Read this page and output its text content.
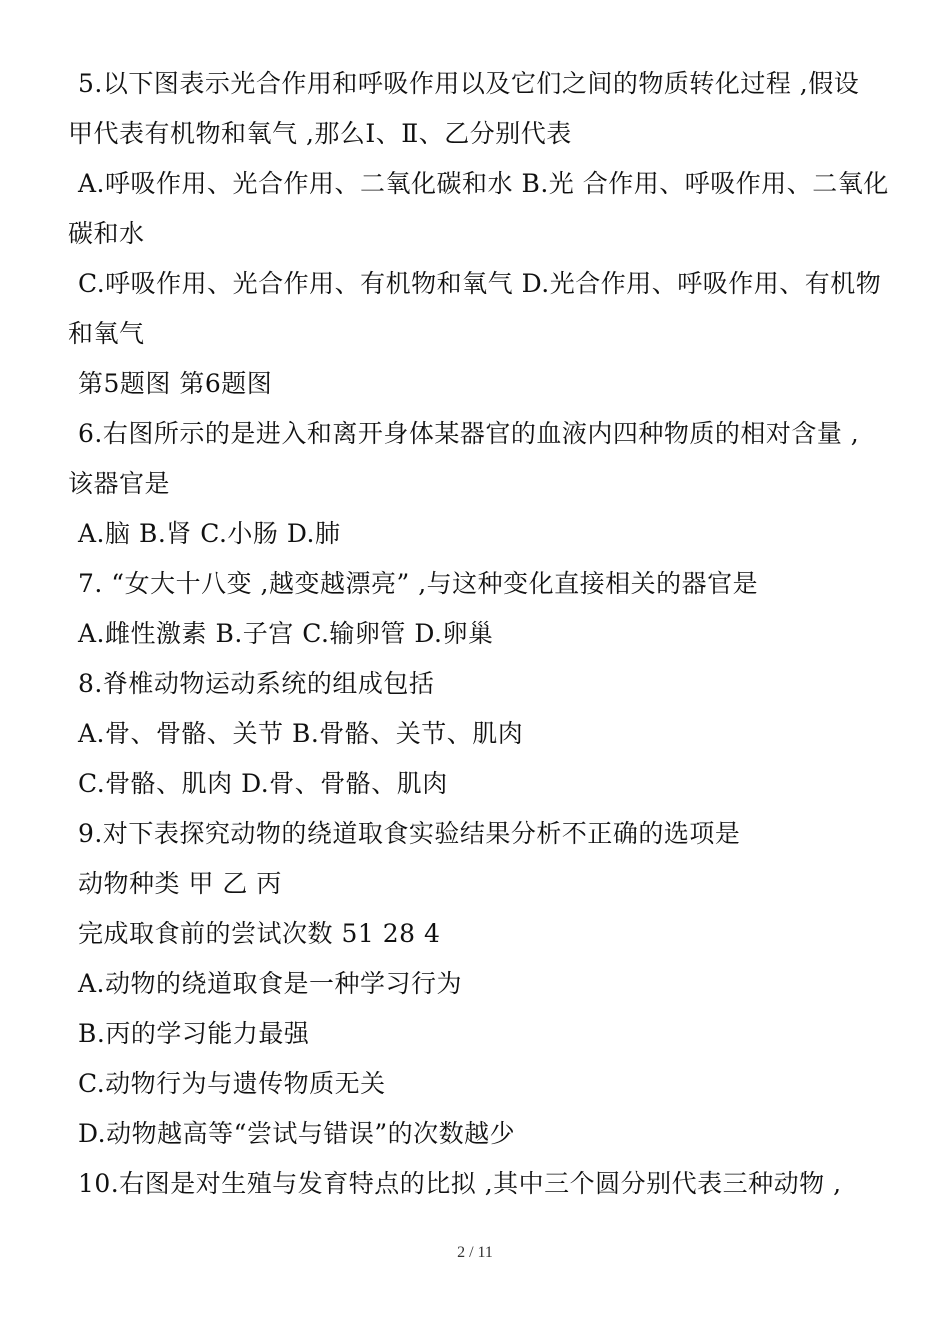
5.以下图表示光合作用和呼吸作用以及它们之间的物质转化过程 ,假设
甲代表有机物和氧气 ,那么Ⅰ、Ⅱ、乙分别代表
A.呼吸作用、光合作用、二氧化碳和水 B.光 合作用、呼吸作用、二氧化
碳和水
C.呼吸作用、光合作用、有机物和氧气 D.光合作用、呼吸作用、有机物
和氧气
第5题图 第6题图
6.右图所示的是进入和离开身体某器官的血液内四种物质的相对含量 ,
该器官是
A.脑 B.肾 C.小肠 D.肺
7. “女大十八变 ,越变越漂亮” ,与这种变化直接相关的器官是
A.雌性激素 B.子宫 C.输卵管 D.卵巢
8.脊椎动物运动系统的组成包括
A.骨、骨骼、关节 B.骨骼、关节、肌肉
C.骨骼、肌肉 D.骨、骨骼、肌肉
9.对下表探究动物的绕道取食实验结果分析不正确的选项是
动物种类 甲 乙 丙
完成取食前的尝试次数 51 28 4
A.动物的绕道取食是一种学习行为
B.丙的学习能力最强
C.动物行为与遗传物质无关
D.动物越高等“尝试与错误”的次数越少
10.右图是对生殖与发育特点的比拟 ,其中三个圆分别代表三种动物 ,
2 / 11
